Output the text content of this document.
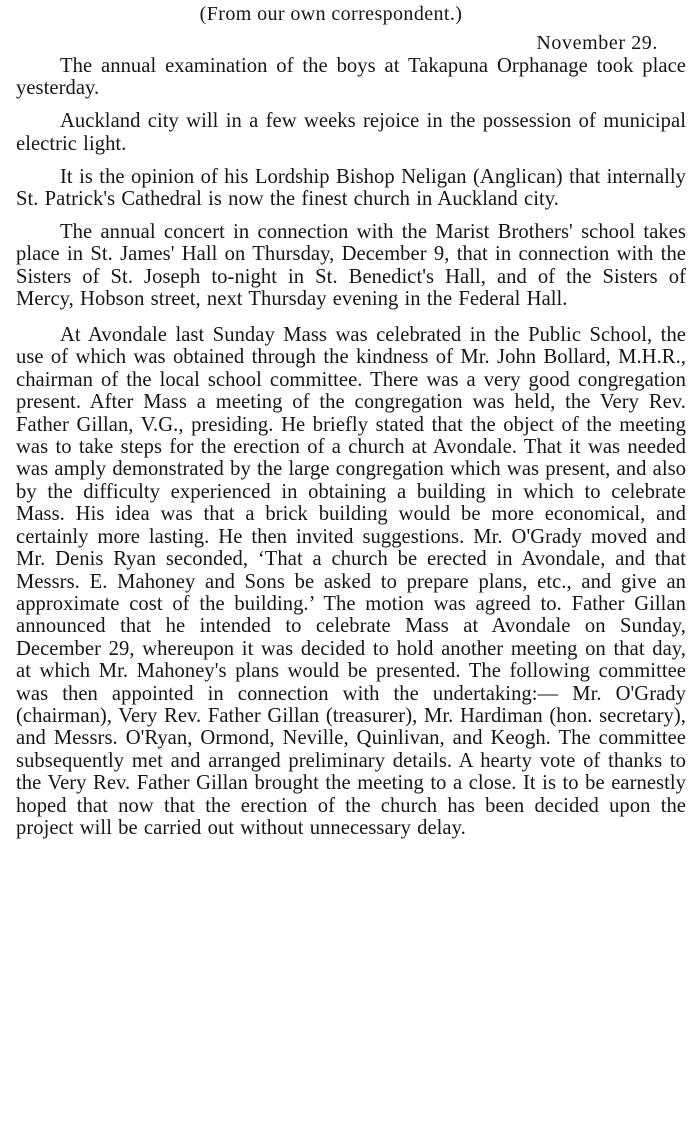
(From our own correspondent.)
November 29.

The annual examination of the boys at Takapuna Orphanage took place yesterday.

Auckland city will in a few weeks rejoice in the possession of municipal electric light.

It is the opinion of his Lordship Bishop Neligan (Anglican) that internally St. Patrick's Cathedral is now the finest church in Auckland city.

The annual concert in connection with the Marist Brothers' school takes place in St. James' Hall on Thursday, December 9, that in connection with the Sisters of St. Joseph to-night in St. Benedict's Hall, and of the Sisters of Mercy, Hobson street, next Thursday evening in the Federal Hall.

At Avondale last Sunday Mass was celebrated in the Public School, the use of which was obtained through the kindness of Mr. John Bollard, M.H.R., chairman of the local school committee. There was a very good congregation present. After Mass a meeting of the congregation was held, the Very Rev. Father Gillan, V.G., presiding. He briefly stated that the object of the meeting was to take steps for the erection of a church at Avondale. That it was needed was amply demonstrated by the large congregation which was present, and also by the difficulty experienced in obtaining a building in which to celebrate Mass. His idea was that a brick building would be more economical, and certainly more lasting. He then invited suggestions. Mr. O'Grady moved and Mr. Denis Ryan seconded, ‘That a church be erected in Avondale, and that Messrs. E. Mahoney and Sons be asked to prepare plans, etc., and give an approximate cost of the building.’ The motion was agreed to. Father Gillan announced that he intended to celebrate Mass at Avondale on Sunday, December 29, whereupon it was decided to hold another meeting on that day, at which Mr. Mahoney's plans would be presented. The following committee was then appointed in connection with the undertaking:— Mr. O'Grady (chairman), Very Rev. Father Gillan (treasurer), Mr. Hardiman (hon. secretary), and Messrs. O'Ryan, Ormond, Neville, Quinlivan, and Keogh. The committee subsequently met and arranged preliminary details. A hearty vote of thanks to the Very Rev. Father Gillan brought the meeting to a close. It is to be earnestly hoped that now that the erection of the church has been decided upon the project will be carried out without unnecessary delay.
